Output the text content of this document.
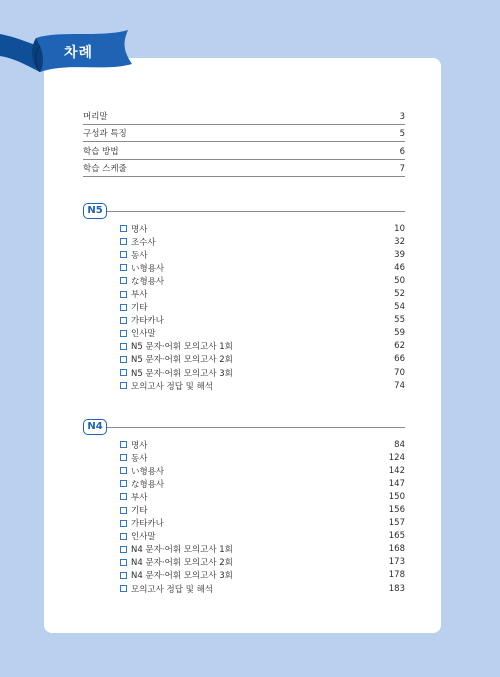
차례
머리말	3
구성과 특징	5
학습 방법	6
학습 스케줄	7
N5
명사	10
조수사	32
동사	39
い형용사	46
な형용사	50
부사	52
기타	54
가타카나	55
인사말	59
N5 문자·어휘 모의고사 1회	62
N5 문자·어휘 모의고사 2회	66
N5 문자·어휘 모의고사 3회	70
모의고사 정답 및 해석	74
N4
명사	84
동사	124
い형용사	142
な형용사	147
부사	150
기타	156
가타카나	157
인사말	165
N4 문자·어휘 모의고사 1회	168
N4 문자·어휘 모의고사 2회	173
N4 문자·어휘 모의고사 3회	178
모의고사 정답 및 해석	183
